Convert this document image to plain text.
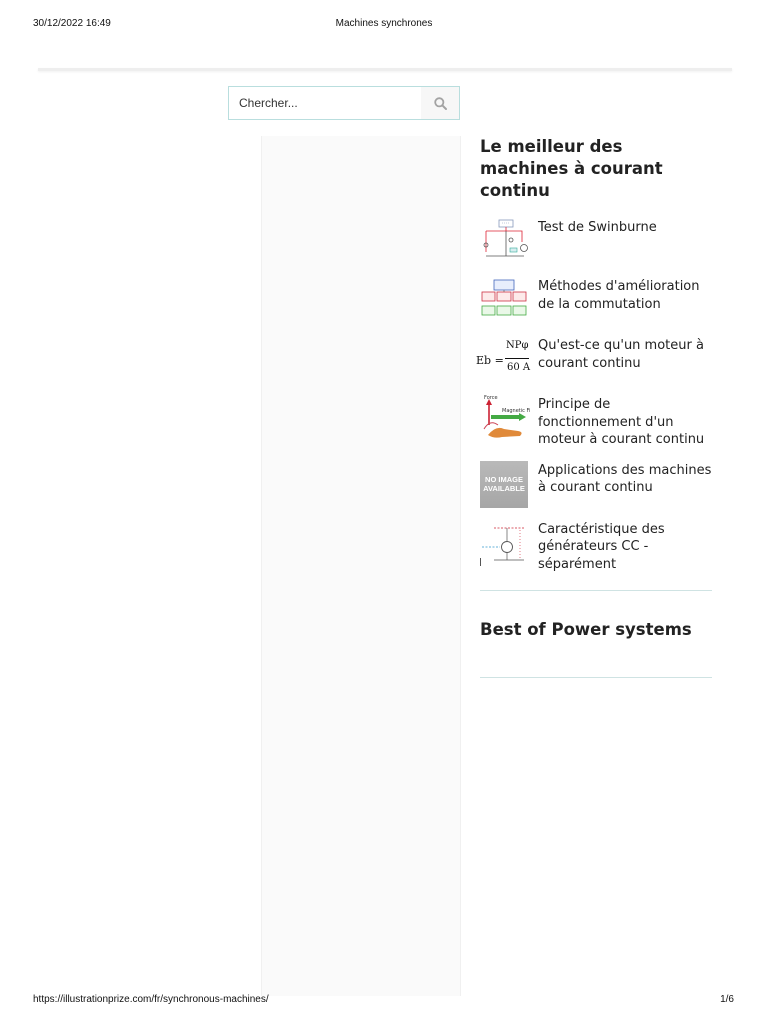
30/12/2022 16:49	Machines synchrones
Chercher...
Le meilleur des machines à courant continu
Test de Swinburne
Méthodes d'amélioration de la commutation
Eb =
NPφ
60 A
Qu'est-ce qu'un moteur à courant continu
Force
Magnetic Fi Principe de fonctionnement d'un moteur à courant continu
NO IMAGE AVAILABLE
Applications des machines à courant continu
Caractéristique des générateurs CC - séparément
Best of Power systems
https://illustrationprize.com/fr/synchronous-machines/	1/6
